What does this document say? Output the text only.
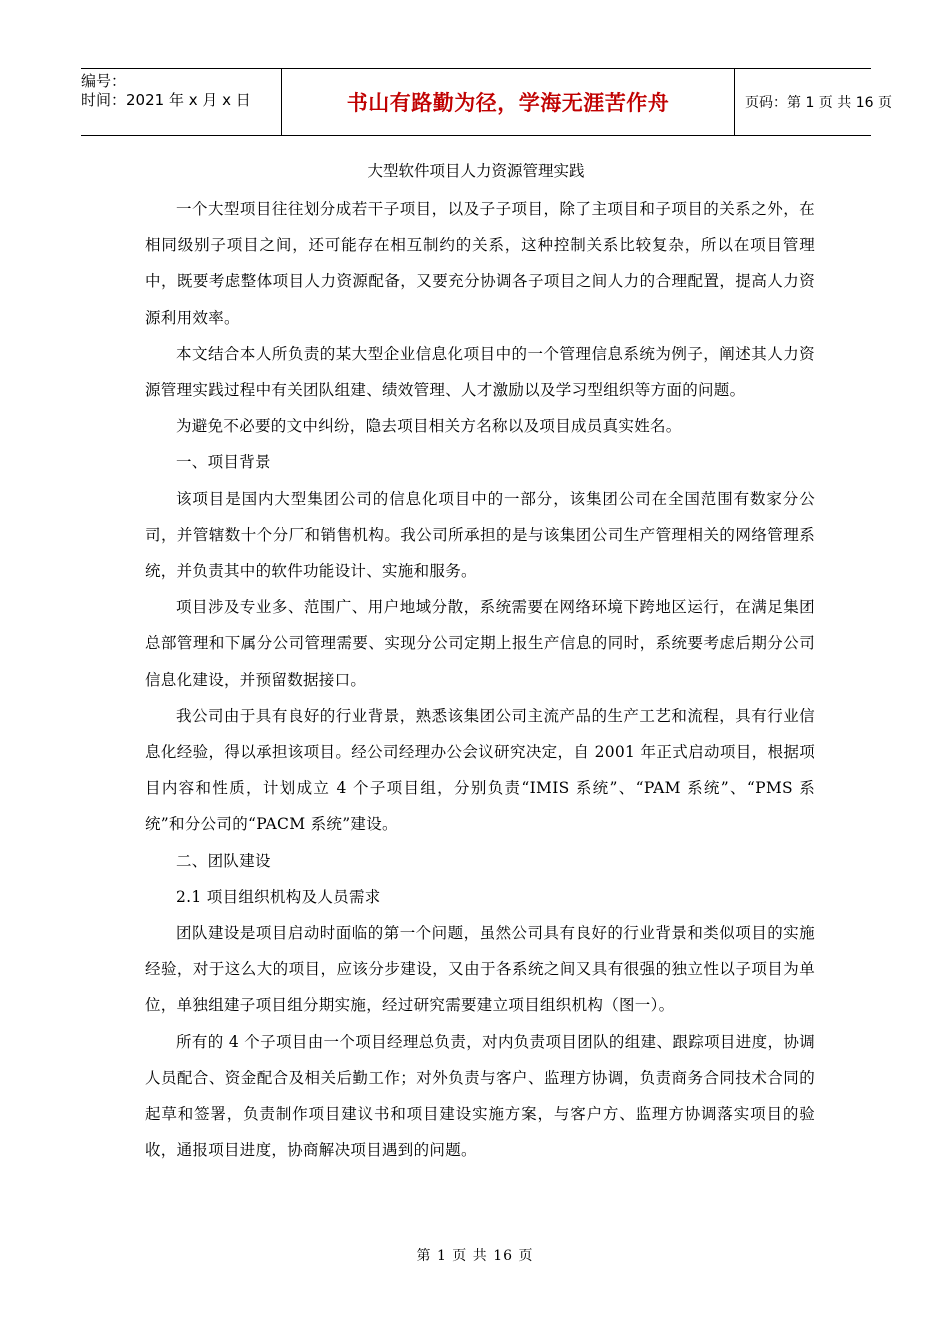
编号：
时间：2021 年 x 月 x 日	书山有路勤为径，学海无涯苦作舟	页码：第 1 页 共 16 页
大型软件项目人力资源管理实践

一个大型项目往往划分成若干子项目，以及子子项目，除了主项目和子项目的关系之外，在相同级别子项目之间，还可能存在相互制约的关系，这种控制关系比较复杂，所以在项目管理中，既要考虑整体项目人力资源配备，又要充分协调各子项目之间人力的合理配置，提高人力资源利用效率。

本文结合本人所负责的某大型企业信息化项目中的一个管理信息系统为例子，阐述其人力资源管理实践过程中有关团队组建、绩效管理、人才激励以及学习型组织等方面的问题。

为避免不必要的文中纠纷，隐去项目相关方名称以及项目成员真实姓名。

一、项目背景

该项目是国内大型集团公司的信息化项目中的一部分，该集团公司在全国范围有数家分公司，并管辖数十个分厂和销售机构。我公司所承担的是与该集团公司生产管理相关的网络管理系统，并负责其中的软件功能设计、实施和服务。

项目涉及专业多、范围广、用户地域分散，系统需要在网络环境下跨地区运行，在满足集团总部管理和下属分公司管理需要、实现分公司定期上报生产信息的同时，系统要考虑后期分公司信息化建设，并预留数据接口。

我公司由于具有良好的行业背景，熟悉该集团公司主流产品的生产工艺和流程，具有行业信息化经验，得以承担该项目。经公司经理办公会议研究决定，自 2001 年正式启动项目，根据项目内容和性质，计划成立 4 个子项目组，分别负责“IMIS 系统”、“PAM 系统”、“PMS 系统”和分公司的“PACM 系统”建设。

二、团队建设

2.1 项目组织机构及人员需求

团队建设是项目启动时面临的第一个问题，虽然公司具有良好的行业背景和类似项目的实施经验，对于这么大的项目，应该分步建设，又由于各系统之间又具有很强的独立性以子项目为单位，单独组建子项目组分期实施，经过研究需要建立项目组织机构（图一）。

所有的 4 个子项目由一个项目经理总负责，对内负责项目团队的组建、跟踪项目进度，协调人员配合、资金配合及相关后勤工作；对外负责与客户、监理方协调，负责商务合同技术合同的起草和签署，负责制作项目建议书和项目建设实施方案，与客户方、监理方协调落实项目的验收，通报项目进度，协商解决项目遇到的问题。

第 1 页 共 16 页
